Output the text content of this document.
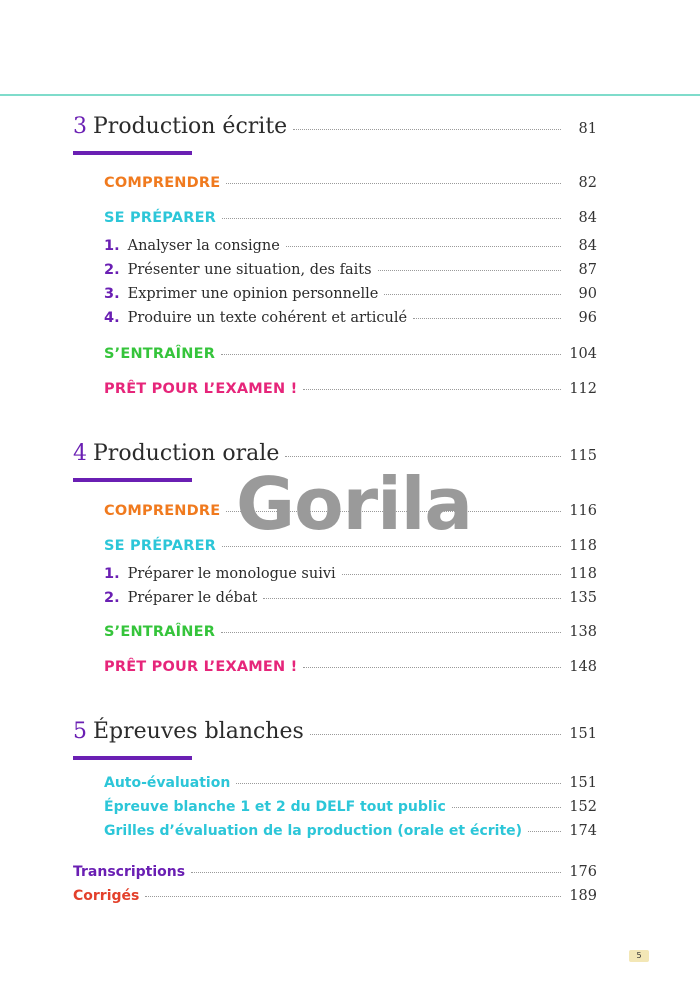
3 Production écrite	81
COMPRENDRE	82
SE PRÉPARER	84
1. Analyser la consigne	84
2. Présenter une situation, des faits	87
3. Exprimer une opinion personnelle	90
4. Produire un texte cohérent et articulé	96
S’ENTRAÎNER	104
PRÊT POUR L’EXAMEN !	112
4 Production orale	115
COMPRENDRE	116
SE PRÉPARER	118
1. Préparer le monologue suivi	118
2. Préparer le débat	135
S’ENTRAÎNER	138
PRÊT POUR L’EXAMEN !	148
5 Épreuves blanches	151
Auto-évaluation	151
Épreuve blanche 1 et 2 du DELF tout public	152
Grilles d’évaluation de la production (orale et écrite)	174
Transcriptions	176
Corrigés	189
Gorila
5
